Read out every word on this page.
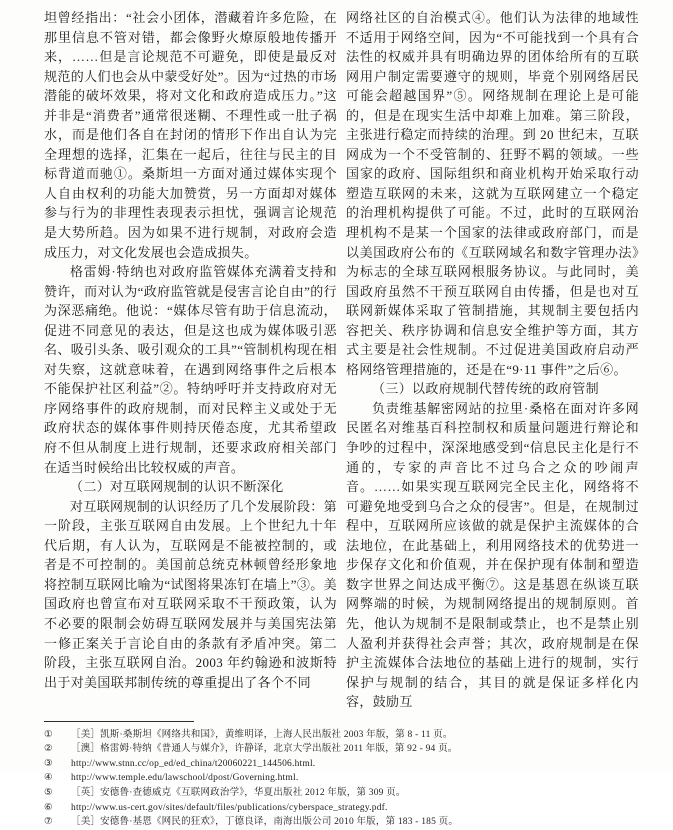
坦曾经指出：“社会小团体，潜藏着许多危险，在那里信息不管对错，都会像野火燎原般地传播开来，……但是言论规范不可避免，即使是最反对规范的人们也会从中蒙受好处”。因为“过热的市场潜能的破坏效果，将对文化和政府造成压力。”这并非是“消费者”通常很迷糊、不理性或一肚子祸水，而是他们各自在封闭的情形下作出自认为完全理想的选择，汇集在一起后，往往与民主的目标背道而驰①。桑斯坦一方面对通过媒体实现个人自由权利的功能大加赞赏，另一方面却对媒体参与行为的非理性表现表示担忧，强调言论规范是大势所趋。因为如果不进行规制，对政府会造成压力，对文化发展也会造成损失。

格雷姆·特纳也对政府监管媒体充满着支持和赞许，而对认为“政府监管就是侵害言论自由”的行为深恶痛绝。他说：“媒体尽管有助于信息流动，促进不同意见的表达，但是这也成为媒体吸引恶名、吸引头条、吸引观众的工具”“管制机构现在相对失察，这就意味着，在遇到网络事件之后根本不能保护社区利益”②。特纳呼吁并支持政府对无序网络事件的政府规制，而对民粹主义或处于无政府状态的媒体事件则持厌倦态度，尤其希望政府不但从制度上进行规制，还要求政府相关部门在适当时候给出比较权威的声音。

（二）对互联网规制的认识不断深化

对互联网规制的认识经历了几个发展阶段：第一阶段，主张互联网自由发展。上个世纪九十年代后期，有人认为，互联网是不能被控制的，或者是不可控制的。美国前总统克林顿曾经形象地将控制互联网比喻为“试图将果冻钉在墙上”③。美国政府也曾宣布对互联网采取不干预政策，认为不必要的限制会妨碍互联网发展并与美国宪法第一修正案关于言论自由的条款有矛盾冲突。第二阶段，主张互联网自治。2003 年约翰逊和波斯特出于对美国联邦制传统的尊重提出了各个不同

网络社区的自治模式④。他们认为法律的地域性不适用于网络空间，因为“不可能找到一个具有合法性的权威并具有明确边界的团体给所有的互联网用户制定需要遵守的规则，毕竟个别网络居民可能会超越国界”⑤。网络规制在理论上是可能的，但是在现实生活中却难上加难。第三阶段，主张进行稳定而持续的治理。到 20 世纪末，互联网成为一个不受管制的、狂野不羁的领域。一些国家的政府、国际组织和商业机构开始采取行动塑造互联网的未来，这就为互联网建立一个稳定的治理机构提供了可能。不过，此时的互联网治理机构不是某一个国家的法律或政府部门，而是以美国政府公布的《互联网域名和数字管理办法》为标志的全球互联网根服务协议。与此同时，美国政府虽然不干预互联网自由传播，但是也对互联网新媒体采取了管制措施，其规制主要包括内容把关、秩序协调和信息安全维护等方面，其方式主要是社会性规制。不过促进美国政府启动严格网络管理措施的，还是在“9·11 事件”之后⑥。

（三）以政府规制代替传统的政府管制

负责维基解密网站的拉里·桑格在面对许多网民匿名对维基百科控制权和质量问题进行辩论和争吵的过程中，深深地感受到“信息民主化是行不通的，专家的声音比不过乌合之众的吵闹声音。……如果实现互联网完全民主化，网络将不可避免地受到乌合之众的侵害”。但是，在规制过程中，互联网所应该做的就是保护主流媒体的合法地位，在此基础上，利用网络技术的优势进一步保存文化和价值观，并在保护现有体制和塑造数字世界之间达成平衡⑦。这是基恩在纵谈互联网弊端的时候，为规制网络提出的规制原则。首先，他认为规制不是限制或禁止，也不是禁止别人盈利并获得社会声誉；其次，政府规制是在保护主流媒体合法地位的基础上进行的规制，实行保护与规制的结合，其目的就是保证多样化内容，鼓励互

①	［美］凯斯·桑斯坦《网络共和国》，黄维明译，上海人民出版社 2003 年版，第 8 - 11 页。
②	［澳］格雷姆·特纳《普通人与媒介》，许静译，北京大学出版社 2011 年版，第 92 - 94 页。
③	http://www.stnn.cc/op_ed/ed_china/t20060221_144506.html.
④	http://www.temple.edu/lawschool/dpost/Governing.html.
⑤	［英］安德鲁·查德威克《互联网政治学》，华夏出版社 2012 年版，第 309 页。
⑥	http://www.us-cert.gov/sites/default/files/publications/cyberspace_strategy.pdf.
⑦	［美］安德鲁·基恩《网民的狂欢》，丁德良译，南海出版公司 2010 年版，第 183 - 185 页。
